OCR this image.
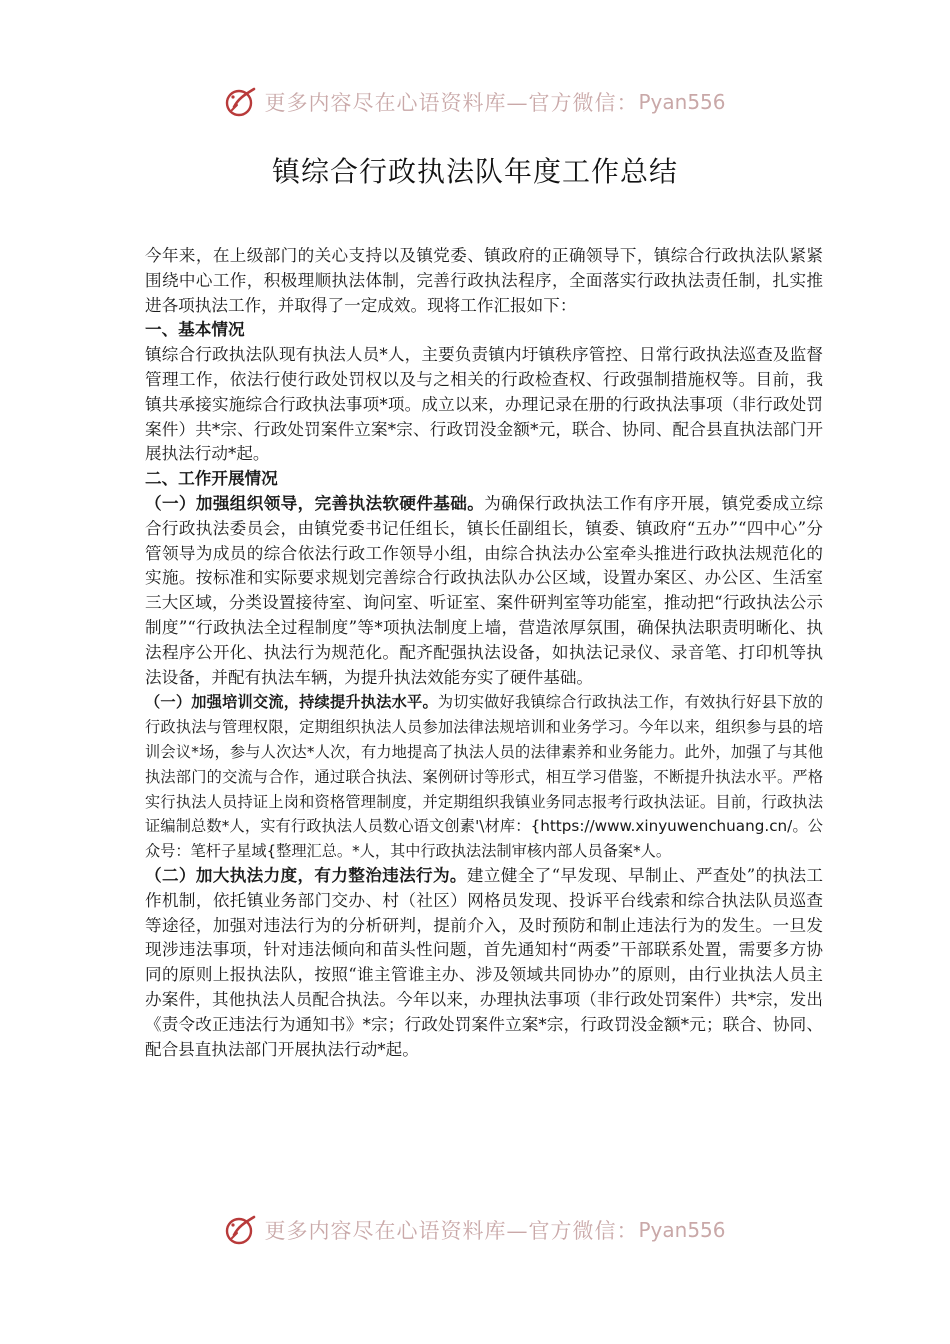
更多内容尽在心语资料库—官方微信： Pyan556
镇综合行政执法队年度工作总结

今年来，在上级部门的关心支持以及镇党委、镇政府的正确领导下，镇综合行政执法队紧紧围绕中心工作，积极理顺执法体制，完善行政执法程序，全面落实行政执法责任制，扎实推进各项执法工作，并取得了一定成效。现将工作汇报如下：

一、基本情况

镇综合行政执法队现有执法人员*人，主要负责镇内圩镇秩序管控、日常行政执法巡查及监督管理工作，依法行使行政处罚权以及与之相关的行政检查权、行政强制措施权等。目前，我镇共承接实施综合行政执法事项*项。成立以来，办理记录在册的行政执法事项（非行政处罚案件）共*宗、行政处罚案件立案*宗、行政罚没金额*元，联合、协同、配合县直执法部门开展执法行动*起。

二、工作开展情况

（一）加强组织领导，完善执法软硬件基础。为确保行政执法工作有序开展，镇党委成立综合行政执法委员会，由镇党委书记任组长，镇长任副组长，镇委、镇政府“五办”“四中心”分管领导为成员的综合依法行政工作领导小组，由综合执法办公室牵头推进行政执法规范化的实施。按标准和实际要求规划完善综合行政执法队办公区域，设置办案区、办公区、生活室三大区域，分类设置接待室、询问室、听证室、案件研判室等功能室，推动把“行政执法公示制度”“行政执法全过程制度”等*项执法制度上墙，营造浓厚氛围，确保执法职责明晰化、执法程序公开化、执法行为规范化。配齐配强执法设备，如执法记录仪、录音笔、打印机等执法设备，并配有执法车辆，为提升执法效能夯实了硬件基础。

（一）加强培训交流，持续提升执法水平。为切实做好我镇综合行政执法工作，有效执行好县下放的行政执法与管理权限，定期组织执法人员参加法律法规培训和业务学习。今年以来，组织参与县的培训会议*场，参与人次达*人次，有力地提高了执法人员的法律素养和业务能力。此外，加强了与其他执法部门的交流与合作，通过联合执法、案例研讨等形式，相互学习借鉴，不断提升执法水平。严格实行执法人员持证上岗和资格管理制度，并定期组织我镇业务同志报考行政执法证。目前，行政执法证编制总数*人，实有行政执法人员数心语文创素'\材库：{https://www.xinyuwenchuang.cn/。公众号：笔杆子星域{整理汇总。*人，其中行政执法法制审核内部人员备案*人。

（二）加大执法力度，有力整治违法行为。建立健全了“早发现、早制止、严查处”的执法工作机制，依托镇业务部门交办、村（社区）网格员发现、投诉平台线索和综合执法队员巡查等途径，加强对违法行为的分析研判，提前介入，及时预防和制止违法行为的发生。一旦发现涉违法事项，针对违法倾向和苗头性问题，首先通知村“两委”干部联系处置，需要多方协同的原则上报执法队，按照“谁主管谁主办、涉及领域共同协办”的原则，由行业执法人员主办案件，其他执法人员配合执法。今年以来，办理执法事项（非行政处罚案件）共*宗，发出《责令改正违法行为通知书》*宗；行政处罚案件立案*宗，行政罚没金额*元；联合、协同、配合县直执法部门开展执法行动*起。

更多内容尽在心语资料库—官方微信： Pyan556
